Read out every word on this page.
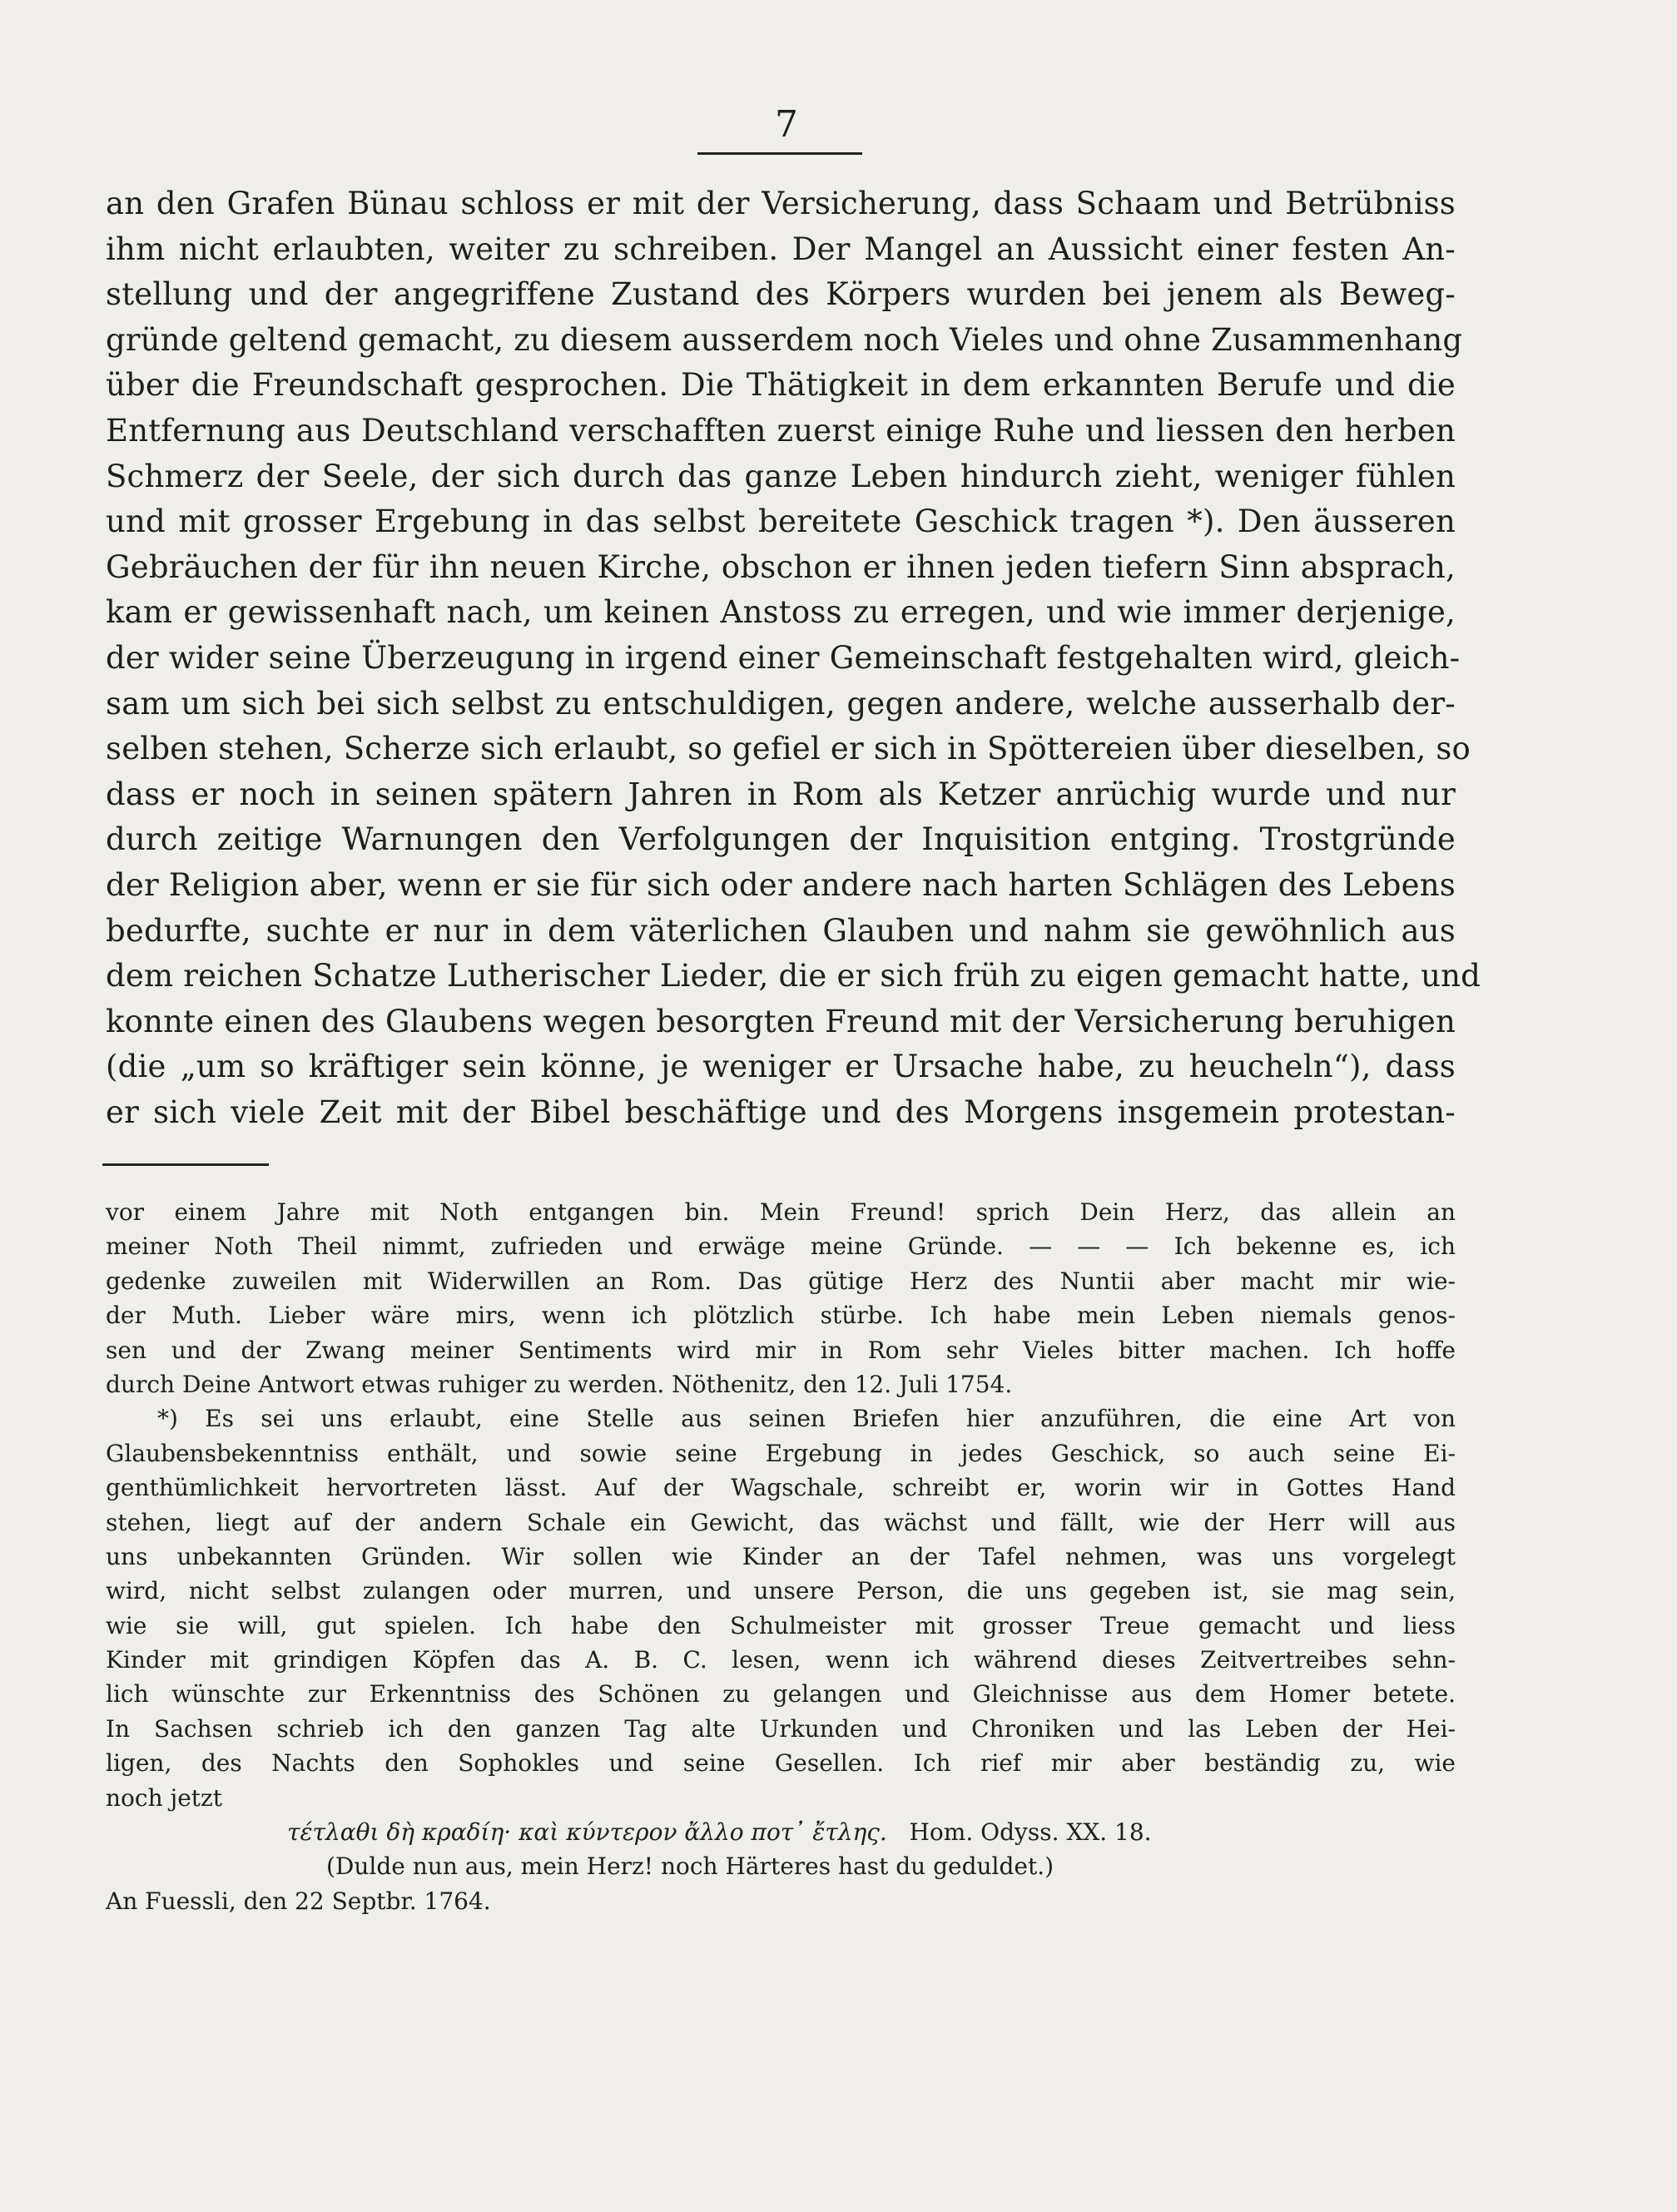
7
an den Grafen Bünau schloss er mit der Versicherung, dass Schaam und Betrübniss
ihm nicht erlaubten, weiter zu schreiben. Der Mangel an Aussicht einer festen An-
stellung und der angegriffene Zustand des Körpers wurden bei jenem als Beweg-
gründe geltend gemacht, zu diesem ausserdem noch Vieles und ohne Zusammenhang
über die Freundschaft gesprochen. Die Thätigkeit in dem erkannten Berufe und die
Entfernung aus Deutschland verschafften zuerst einige Ruhe und liessen den herben
Schmerz der Seele, der sich durch das ganze Leben hindurch zieht, weniger fühlen
und mit grosser Ergebung in das selbst bereitete Geschick tragen *). Den äusseren
Gebräuchen der für ihn neuen Kirche, obschon er ihnen jeden tiefern Sinn absprach,
kam er gewissenhaft nach, um keinen Anstoss zu erregen, und wie immer derjenige,
der wider seine Überzeugung in irgend einer Gemeinschaft festgehalten wird, gleich-
sam um sich bei sich selbst zu entschuldigen, gegen andere, welche ausserhalb der-
selben stehen, Scherze sich erlaubt, so gefiel er sich in Spöttereien über dieselben, so
dass er noch in seinen spätern Jahren in Rom als Ketzer anrüchig wurde und nur
durch zeitige Warnungen den Verfolgungen der Inquisition entging. Trostgründe
der Religion aber, wenn er sie für sich oder andere nach harten Schlägen des Lebens
bedurfte, suchte er nur in dem väterlichen Glauben und nahm sie gewöhnlich aus
dem reichen Schatze Lutherischer Lieder, die er sich früh zu eigen gemacht hatte, und
konnte einen des Glaubens wegen besorgten Freund mit der Versicherung beruhigen
(die „um so kräftiger sein könne, je weniger er Ursache habe, zu heucheln“), dass
er sich viele Zeit mit der Bibel beschäftige und des Morgens insgemein protestan-
vor einem Jahre mit Noth entgangen bin. Mein Freund! sprich Dein Herz, das allein an
meiner Noth Theil nimmt, zufrieden und erwäge meine Gründe. — — — Ich bekenne es, ich
gedenke zuweilen mit Widerwillen an Rom. Das gütige Herz des Nuntii aber macht mir wie-
der Muth. Lieber wäre mirs, wenn ich plötzlich stürbe. Ich habe mein Leben niemals genos-
sen und der Zwang meiner Sentiments wird mir in Rom sehr Vieles bitter machen. Ich hoffe
durch Deine Antwort etwas ruhiger zu werden. Nöthenitz, den 12. Juli 1754.
*) Es sei uns erlaubt, eine Stelle aus seinen Briefen hier anzuführen, die eine Art von
Glaubensbekenntniss enthält, und sowie seine Ergebung in jedes Geschick, so auch seine Ei-
genthümlichkeit hervortreten lässt. Auf der Wagschale, schreibt er, worin wir in Gottes Hand
stehen, liegt auf der andern Schale ein Gewicht, das wächst und fällt, wie der Herr will aus
uns unbekannten Gründen. Wir sollen wie Kinder an der Tafel nehmen, was uns vorgelegt
wird, nicht selbst zulangen oder murren, und unsere Person, die uns gegeben ist, sie mag sein,
wie sie will, gut spielen. Ich habe den Schulmeister mit grosser Treue gemacht und liess
Kinder mit grindigen Köpfen das A. B. C. lesen, wenn ich während dieses Zeitvertreibes sehn-
lich wünschte zur Erkenntniss des Schönen zu gelangen und Gleichnisse aus dem Homer betete.
In Sachsen schrieb ich den ganzen Tag alte Urkunden und Chroniken und las Leben der Hei-
ligen, des Nachts den Sophokles und seine Gesellen. Ich rief mir aber beständig zu, wie
noch jetzt
τέτλαθι δὴ κραδίη· καὶ κύντερον ἄλλο ποτ᾽ ἔτλης. Hom. Odyss. XX. 18.
(Dulde nun aus, mein Herz! noch Härteres hast du geduldet.)
An Fuessli, den 22 Septbr. 1764.
